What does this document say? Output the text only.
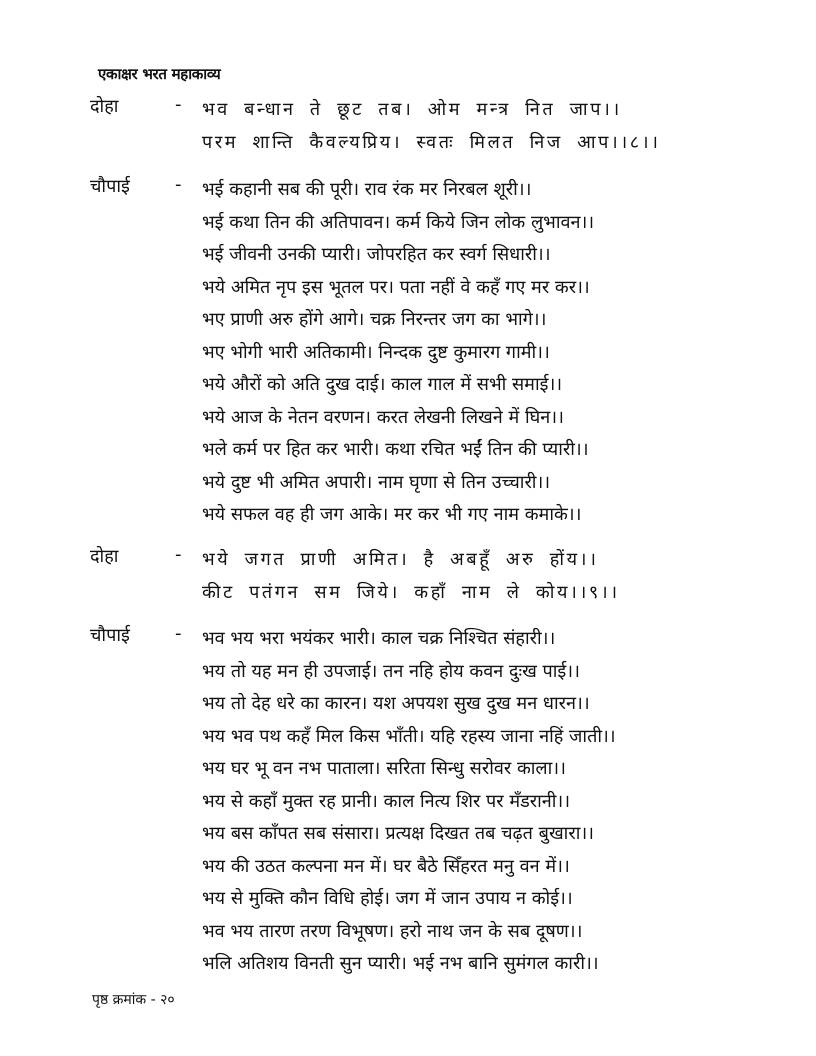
एकाक्षर भरत महाकाव्य
दोहा	- भव बन्धान ते छूट तब। ओम मन्त्र नित जाप।।
परम शान्ति कैवल्यप्रिय। स्वतः मिलत निज आप।।८।।
चौपाई	- भई कहानी सब की पूरी। राव रंक मर निरबल शूरी।।
भई कथा तिन की अतिपावन। कर्म किये जिन लोक लुभावन।।
भई जीवनी उनकी प्यारी। जोपरहित कर स्वर्ग सिधारी।।
भये अमित नृप इस भूतल पर। पता नहीं वे कहँ गए मर कर।।
भए प्राणी अरु होंगे आगे। चक्र निरन्तर जग का भागे।।
भए भोगी भारी अतिकामी। निन्दक दुष्ट कुमारग गामी।।
भये औरों को अति दुख दाई। काल गाल में सभी समाई।।
भये आज के नेतन वरणन। करत लेखनी लिखने में घिन।।
भले कर्म पर हित कर भारी। कथा रचित भईं तिन की प्यारी।।
भये दुष्ट भी अमित अपारी। नाम घृणा से तिन उच्चारी।।
भये सफल वह ही जग आके। मर कर भी गए नाम कमाके।।
दोहा	- भये जगत प्राणी अमित। है अबहूँ अरु होंय।।
कीट पतंगन सम जिये। कहाँ नाम ले कोय।।९।।
चौपाई	- भव भय भरा भयंकर भारी। काल चक्र निश्चित संहारी।।
भय तो यह मन ही उपजाई। तन नहि होय कवन दुःख पाई।।
भय तो देह धरे का कारन। यश अपयश सुख दुख मन धारन।।
भय भव पथ कहँ मिल किस भाँती। यहि रहस्य जाना नहिं जाती।।
भय घर भू वन नभ पाताला। सरिता सिन्धु सरोवर काला।।
भय से कहाँ मुक्त रह प्रानी। काल नित्य शिर पर मँडरानी।।
भय बस काँपत सब संसारा। प्रत्यक्ष दिखत तब चढ़त बुखारा।।
भय की उठत कल्पना मन में। घर बैठे सिँहरत मनु वन में।।
भय से मुक्ति कौन विधि होई। जग में जान उपाय न कोई।।
भव भय तारण तरण विभूषण। हरो नाथ जन के सब दूषण।।
भलि अतिशय विनती सुन प्यारी। भई नभ बानि सुमंगल कारी।।
पृष्ठ क्रमांक - २०
